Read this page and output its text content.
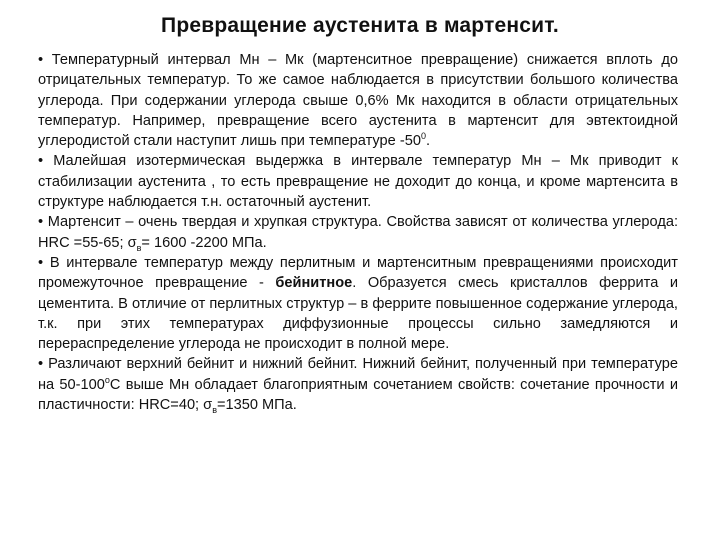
Превращение аустенита в мартенсит.

• Температурный интервал Мн – Мк (мартенситное превращение) снижается вплоть до отрицательных температур. То же самое наблюдается в присутствии большого количества углерода. При содержании углерода свыше 0,6% Мк находится в области отрицательных температур. Например, превращение всего аустенита в мартенсит для эвтектоидной углеродистой стали наступит лишь при температуре $-50^0$.

• Малейшая изотермическая выдержка в интервале температур Мн – Мк приводит к стабилизации аустенита , то есть превращение не доходит до конца, и кроме мартенсита в структуре наблюдается т.н. остаточный аустенит.

• Мартенсит – очень твердая и хрупкая структура. Свойства зависят от количества углерода: HRC =55-65; $\sigma_в= 1600$ -2200 МПа.

• В интервале температур между перлитным и мартенситным превращениями происходит промежуточное превращение - бейнитное. Образуется смесь кристаллов феррита и цементита. В отличие от перлитных структур – в феррите повышенное содержание углерода, т.к. при этих температурах диффузионные процессы сильно замедляются и перераспределение углерода не происходит в полной мере.

• Различают верхний бейнит и нижний бейнит. Нижний бейнит, полученный при температуре на $50-100^оС$ выше Мн обладает благоприятным сочетанием свойств: сочетание прочности и пластичности: HRC=40; $\sigma_в=1350$ МПа.
